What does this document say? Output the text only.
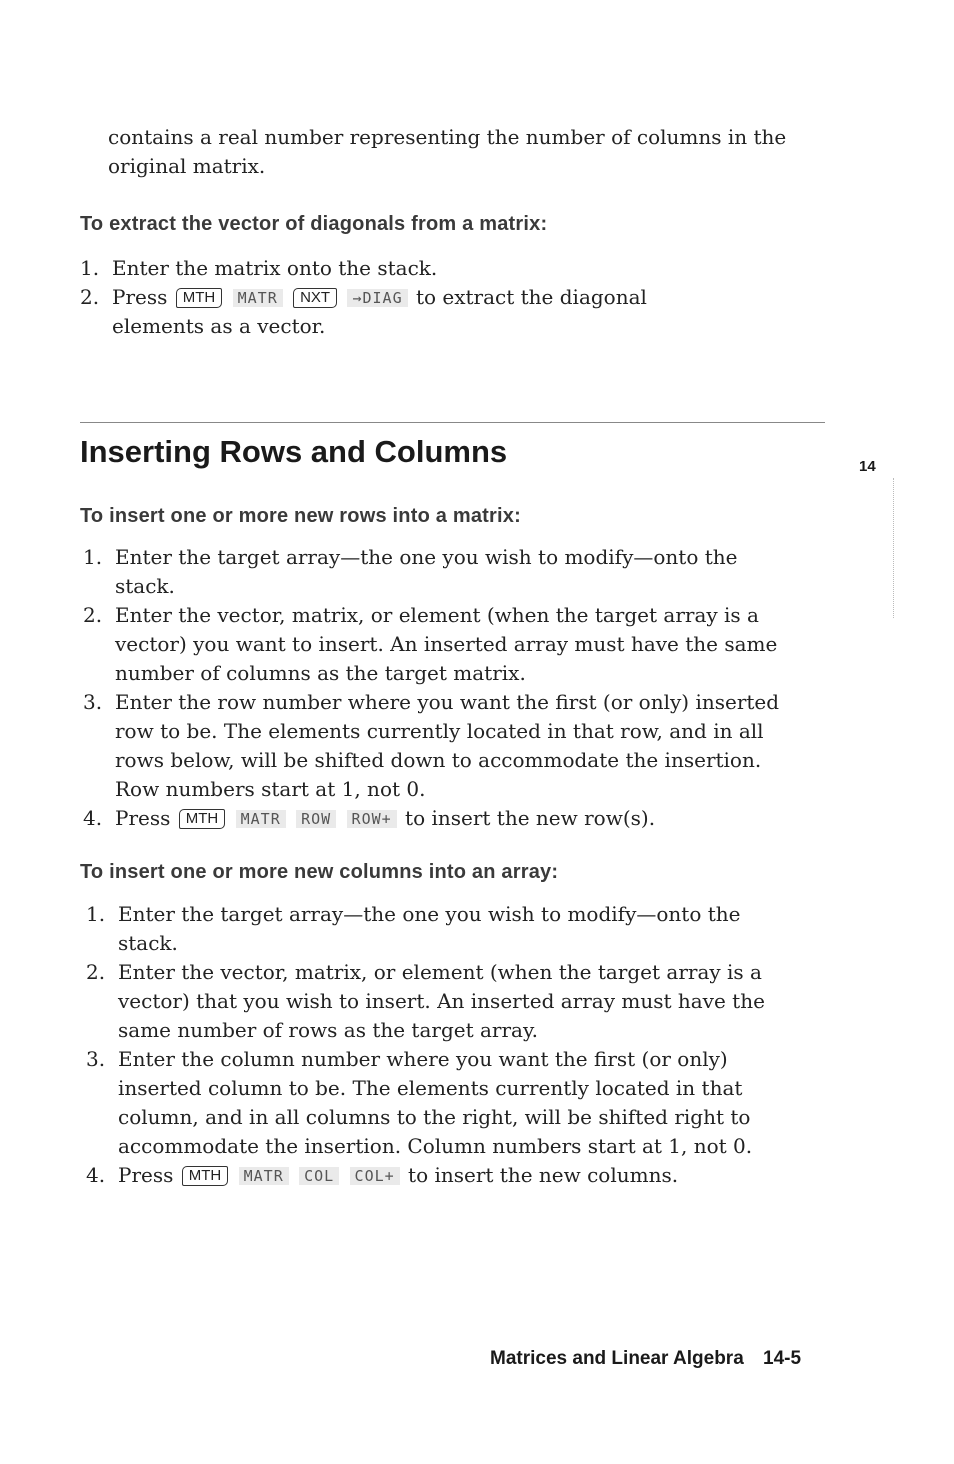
contains a real number representing the number of columns in the
original matrix.
To extract the vector of diagonals from a matrix:
1. Enter the matrix onto the stack.
2. Press MTH MATR NXT →DIAG to extract the diagonal
elements as a vector.
Inserting Rows and Columns	14
To insert one or more new rows into a matrix:
1. Enter the target array—the one you wish to modify—onto the
stack.
2. Enter the vector, matrix, or element (when the target array is a
vector) you want to insert. An inserted array must have the same
number of columns as the target matrix.
3. Enter the row number where you want the first (or only) inserted
row to be. The elements currently located in that row, and in all
rows below, will be shifted down to accommodate the insertion.
Row numbers start at 1, not 0.
4. Press MTH MATR ROW ROW+ to insert the new row(s).
To insert one or more new columns into an array:
1. Enter the target array—the one you wish to modify—onto the
stack.
2. Enter the vector, matrix, or element (when the target array is a
vector) that you wish to insert. An inserted array must have the
same number of rows as the target array.
3. Enter the column number where you want the first (or only)
inserted column to be. The elements currently located in that
column, and in all columns to the right, will be shifted right to
accommodate the insertion. Column numbers start at 1, not 0.
4. Press MTH MATR COL COL+ to insert the new columns.
Matrices and Linear Algebra 14-5
